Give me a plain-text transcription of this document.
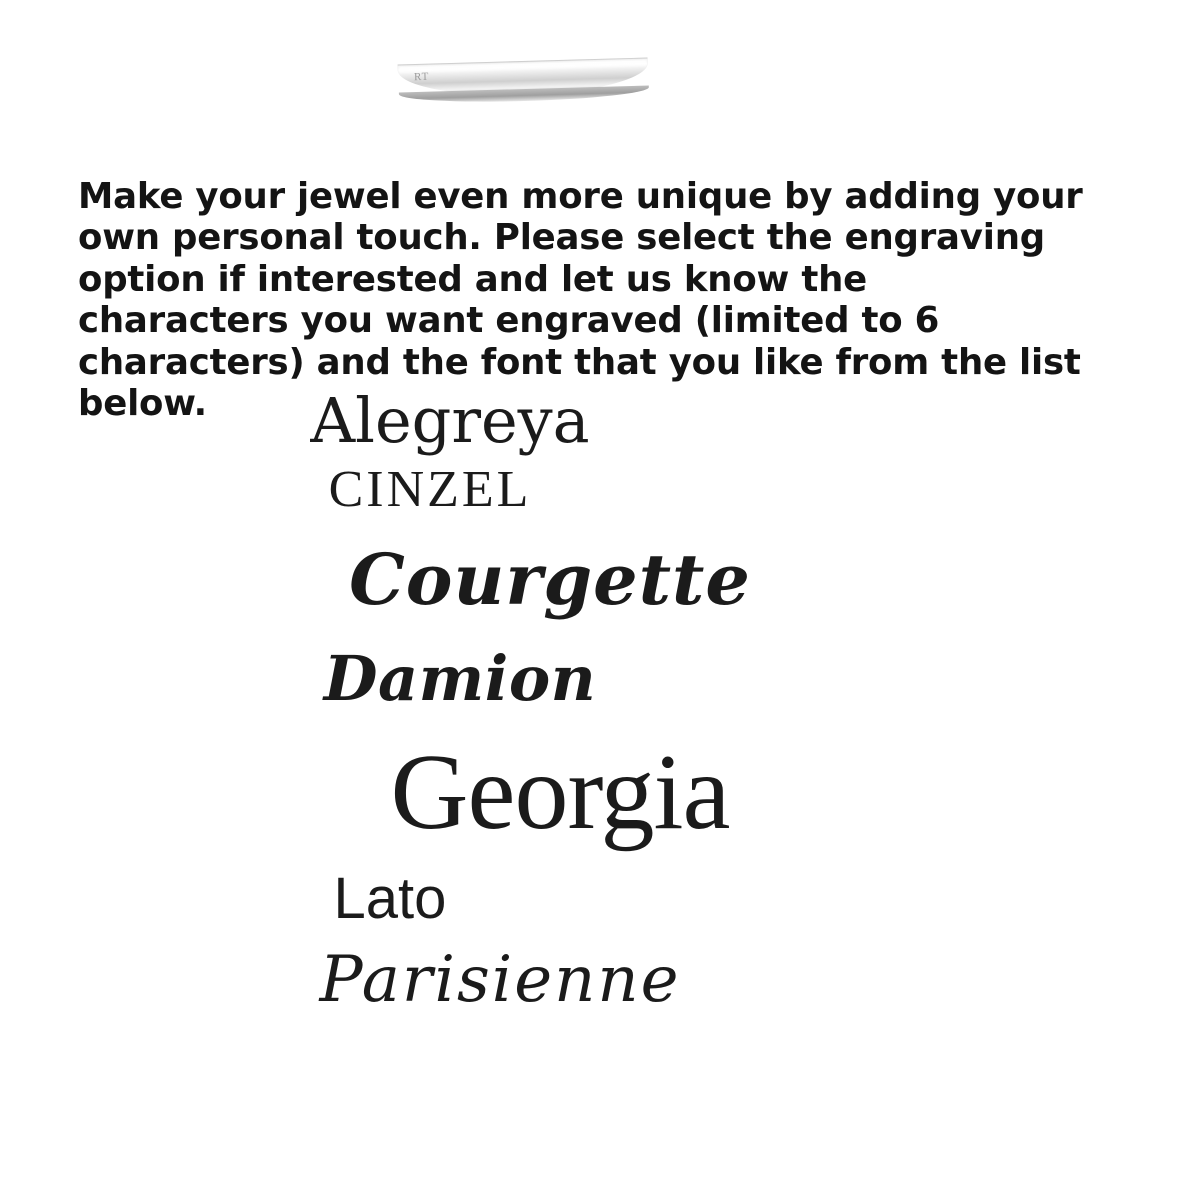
RT

Make your jewel even more unique by adding your own personal touch. Please select the engraving option if interested and let us know the characters you want engraved (limited to 6 characters) and the font that you like from the list below.	Alegreya
CINZEL
Courgette
Damion
Georgia
Lato
Parisienne
